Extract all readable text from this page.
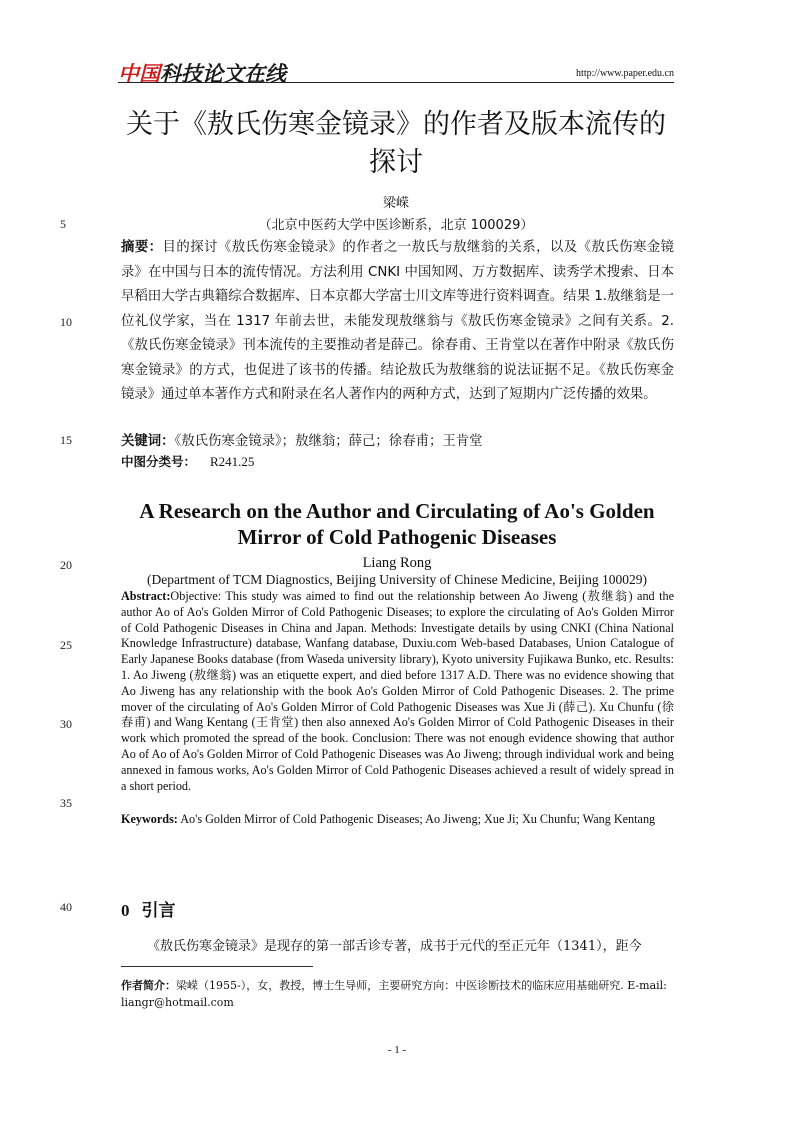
中国科技论文在线	http://www.paper.edu.cn
关于《敖氏伤寒金镜录》的作者及版本流传的探讨
梁嵘
（北京中医药大学中医诊断系，北京 100029）
5
10
15
20
25
30
35
40
摘要：目的探讨《敖氏伤寒金镜录》的作者之一敖氏与敖继翁的关系，以及《敖氏伤寒金镜录》在中国与日本的流传情况。方法利用 CNKI 中国知网、万方数据库、读秀学术搜索、日本早稻田大学古典籍综合数据库、日本京都大学富士川文库等进行资料调查。结果 1.敖继翁是一位礼仪学家，当在 1317 年前去世，未能发现敖继翁与《敖氏伤寒金镜录》之间有关系。2.《敖氏伤寒金镜录》刊本流传的主要推动者是薛己。徐春甫、王肯堂以在著作中附录《敖氏伤寒金镜录》的方式，也促进了该书的传播。结论敖氏为敖继翁的说法证据不足。《敖氏伤寒金镜录》通过单本著作方式和附录在名人著作内的两种方式，达到了短期内广泛传播的效果。
关键词：《敖氏伤寒金镜录》；敖继翁；薛己；徐春甫；王肯堂
中图分类号： R241.25
A Research on the Author and Circulating of Ao's Golden Mirror of Cold Pathogenic Diseases
Liang Rong
(Department of TCM Diagnostics, Beijing University of Chinese Medicine, Beijing 100029)
Abstract:Objective: This study was aimed to find out the relationship between Ao Jiweng (敖继翁) and the author Ao of Ao's Golden Mirror of Cold Pathogenic Diseases; to explore the circulating of Ao's Golden Mirror of Cold Pathogenic Diseases in China and Japan. Methods: Investigate details by using CNKI (China National Knowledge Infrastructure) database, Wanfang database, Duxiu.com Web-based Databases, Union Catalogue of Early Japanese Books database (from Waseda university library), Kyoto university Fujikawa Bunko, etc. Results: 1. Ao Jiweng (敖继翁) was an etiquette expert, and died before 1317 A.D. There was no evidence showing that Ao Jiweng has any relationship with the book Ao's Golden Mirror of Cold Pathogenic Diseases. 2. The prime mover of the circulating of Ao's Golden Mirror of Cold Pathogenic Diseases was Xue Ji (薛己). Xu Chunfu (徐春甫) and Wang Kentang (王肯堂) then also annexed Ao's Golden Mirror of Cold Pathogenic Diseases in their work which promoted the spread of the book. Conclusion: There was not enough evidence showing that author Ao of Ao of Ao's Golden Mirror of Cold Pathogenic Diseases was Ao Jiweng; through individual work and being annexed in famous works, Ao's Golden Mirror of Cold Pathogenic Diseases achieved a result of widely spread in a short period.
Keywords: Ao's Golden Mirror of Cold Pathogenic Diseases; Ao Jiweng; Xue Ji; Xu Chunfu; Wang Kentang
0 引言
《敖氏伤寒金镜录》是现存的第一部舌诊专著，成书于元代的至正元年（1341），距今
作者简介：梁嵘（1955-），女，教授，博士生导师，主要研究方向：中医诊断技术的临床应用基础研究. E-mail: liangr@hotmail.com
- 1 -
